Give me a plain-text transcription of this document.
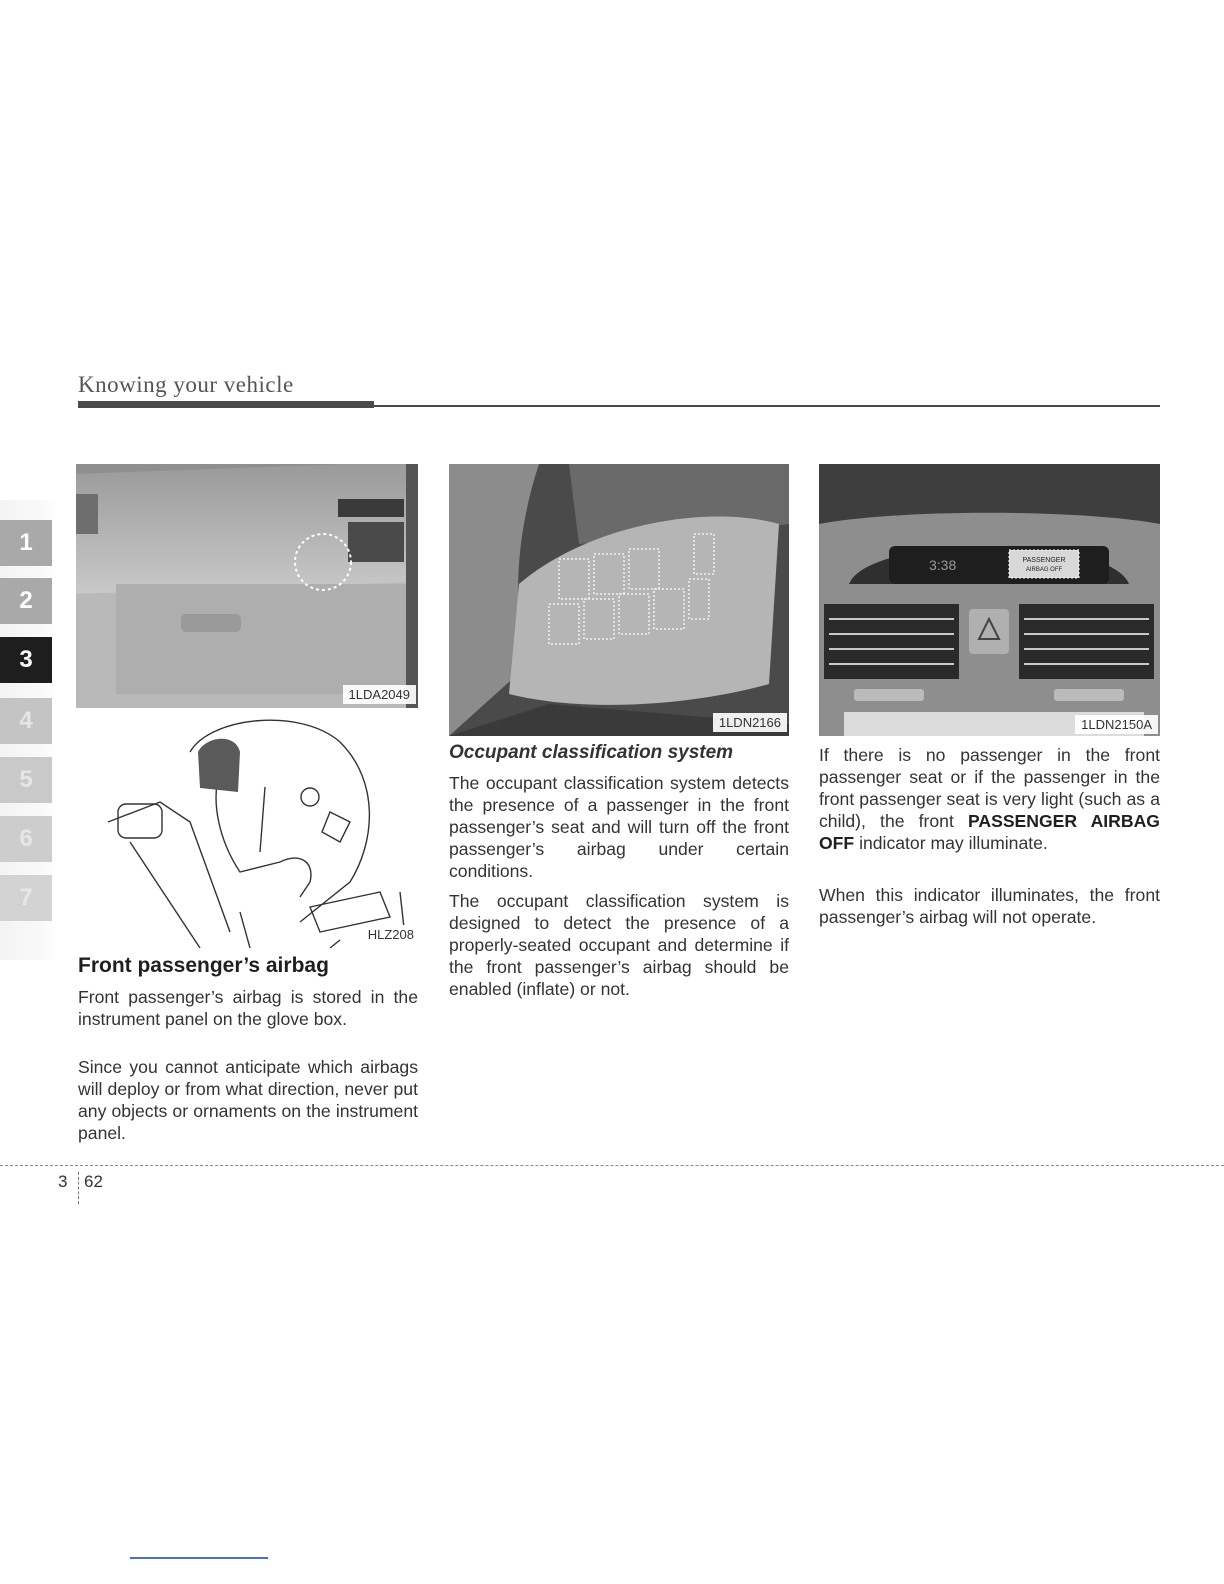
Knowing your vehicle
1
2
3
4
5
6
7
1LDA2049
HLZ208
Front passenger’s airbag
Front passenger’s airbag is stored in the instrument panel on the glove box.
Since you cannot anticipate which airbags will deploy or from what direction, never put any objects or ornaments on the instrument panel.
1LDN2166
Occupant classification system
The occupant classification system detects the presence of a passenger in the front passenger’s seat and will turn off the front passenger’s airbag under certain conditions.
The occupant classification system is designed to detect the presence of a properly-seated occupant and determine if the front passenger’s airbag should be enabled (inflate) or not.
PASSENGER
AIRBAG OFF
3:38
1LDN2150A
If there is no passenger in the front passenger seat or if the passenger in the front passenger seat is very light (such as a child), the front PASSENGER AIRBAG OFF indicator may illuminate.
When this indicator illuminates, the front passenger’s airbag will not operate.
3 62
